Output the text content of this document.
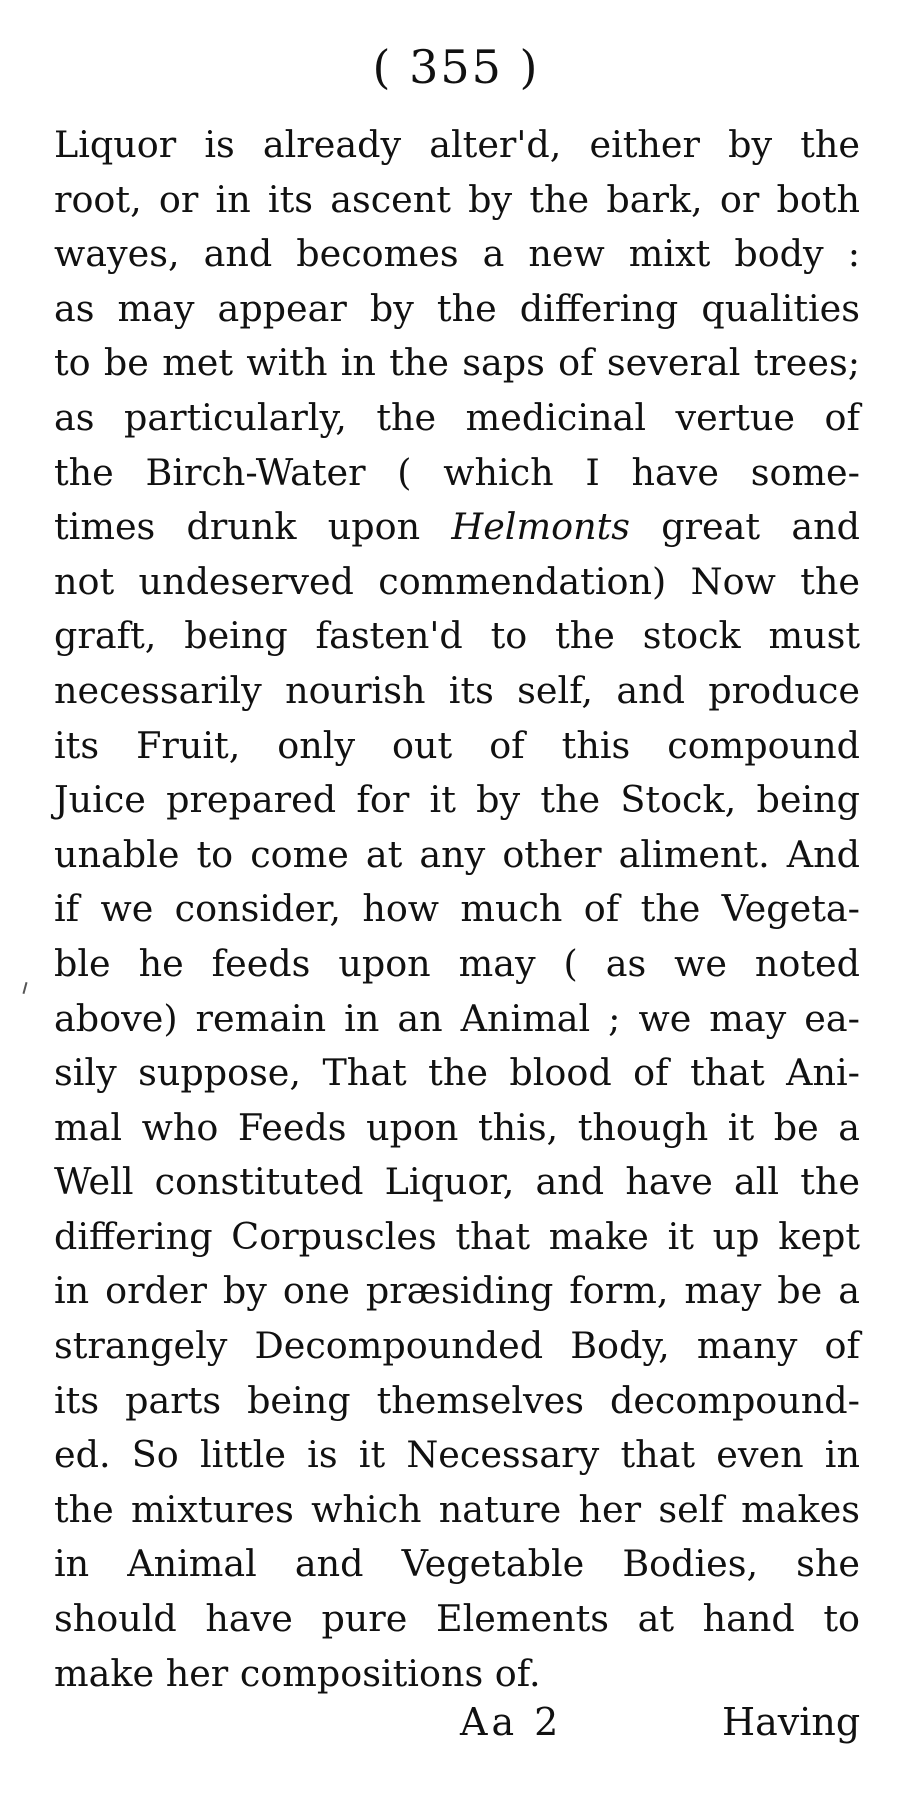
( 355 )
Liquor is already alter'd, either by the
root, or in its ascent by the bark, or both
wayes, and becomes a new mixt body :
as may appear by the differing qualities
to be met with in the saps of several trees;
as particularly, the medicinal vertue of
the Birch-Water ( which I have some-
times drunk upon Helmonts great and
not undeserved commendation) Now the
graft, being fasten'd to the stock must
necessarily nourish its self, and produce
its Fruit, only out of this compound
Juice prepared for it by the Stock, being
unable to come at any other aliment. And
if we consider, how much of the Vegeta-
ble he feeds upon may ( as we noted
above) remain in an Animal ; we may ea-
sily suppose, That the blood of that Ani-
mal who Feeds upon this, though it be a
Well constituted Liquor, and have all the
differing Corpuscles that make it up kept
in order by one præsiding form, may be a
strangely Decompounded Body, many of
its parts being themselves decompound-
ed. So little is it Necessary that even in
the mixtures which nature her self makes
in Animal and Vegetable Bodies, she
should have pure Elements at hand to
make her compositions of.
Aa 2	Having
